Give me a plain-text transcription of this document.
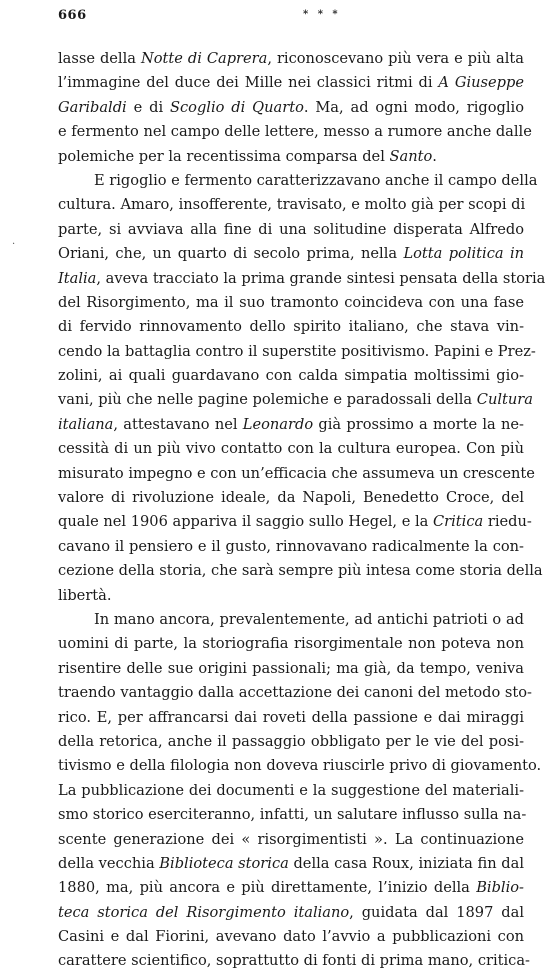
666	* * *
.
lasse della Notte di Caprera, riconoscevano più vera e più alta
l’immagine del duce dei Mille nei classici ritmi di A Giuseppe
Garibaldi e di Scoglio di Quarto. Ma, ad ogni modo, rigoglio
e fermento nel campo delle lettere, messo a rumore anche dalle
polemiche per la recentissima comparsa del Santo.
E rigoglio e fermento caratterizzavano anche il campo della
cultura. Amaro, insofferente, travisato, e molto già per scopi di
parte, si avviava alla fine di una solitudine disperata Alfredo
Oriani, che, un quarto di secolo prima, nella Lotta politica in
Italia, aveva tracciato la prima grande sintesi pensata della storia
del Risorgimento, ma il suo tramonto coincideva con una fase
di fervido rinnovamento dello spirito italiano, che stava vin-
cendo la battaglia contro il superstite positivismo. Papini e Prez-
zolini, ai quali guardavano con calda simpatia moltissimi gio-
vani, più che nelle pagine polemiche e paradossali della Cultura
italiana, attestavano nel Leonardo già prossimo a morte la ne-
cessità di un più vivo contatto con la cultura europea. Con più
misurato impegno e con un’efficacia che assumeva un crescente
valore di rivoluzione ideale, da Napoli, Benedetto Croce, del
quale nel 1906 appariva il saggio sullo Hegel, e la Critica riedu-
cavano il pensiero e il gusto, rinnovavano radicalmente la con-
cezione della storia, che sarà sempre più intesa come storia della
libertà.
In mano ancora, prevalentemente, ad antichi patrioti o ad
uomini di parte, la storiografia risorgimentale non poteva non
risentire delle sue origini passionali; ma già, da tempo, veniva
traendo vantaggio dalla accettazione dei canoni del metodo sto-
rico. E, per affrancarsi dai roveti della passione e dai miraggi
della retorica, anche il passaggio obbligato per le vie del posi-
tivismo e della filologia non doveva riuscirle privo di giovamento.
La pubblicazione dei documenti e la suggestione del materiali-
smo storico eserciteranno, infatti, un salutare influsso sulla na-
scente generazione dei « risorgimentisti ». La continuazione
della vecchia Biblioteca storica della casa Roux, iniziata fin dal
1880, ma, più ancora e più direttamente, l’inizio della Biblio-
teca storica del Risorgimento italiano, guidata dal 1897 dal
Casini e dal Fiorini, avevano dato l’avvio a pubblicazioni con
carattere scientifico, soprattutto di fonti di prima mano, critica-
